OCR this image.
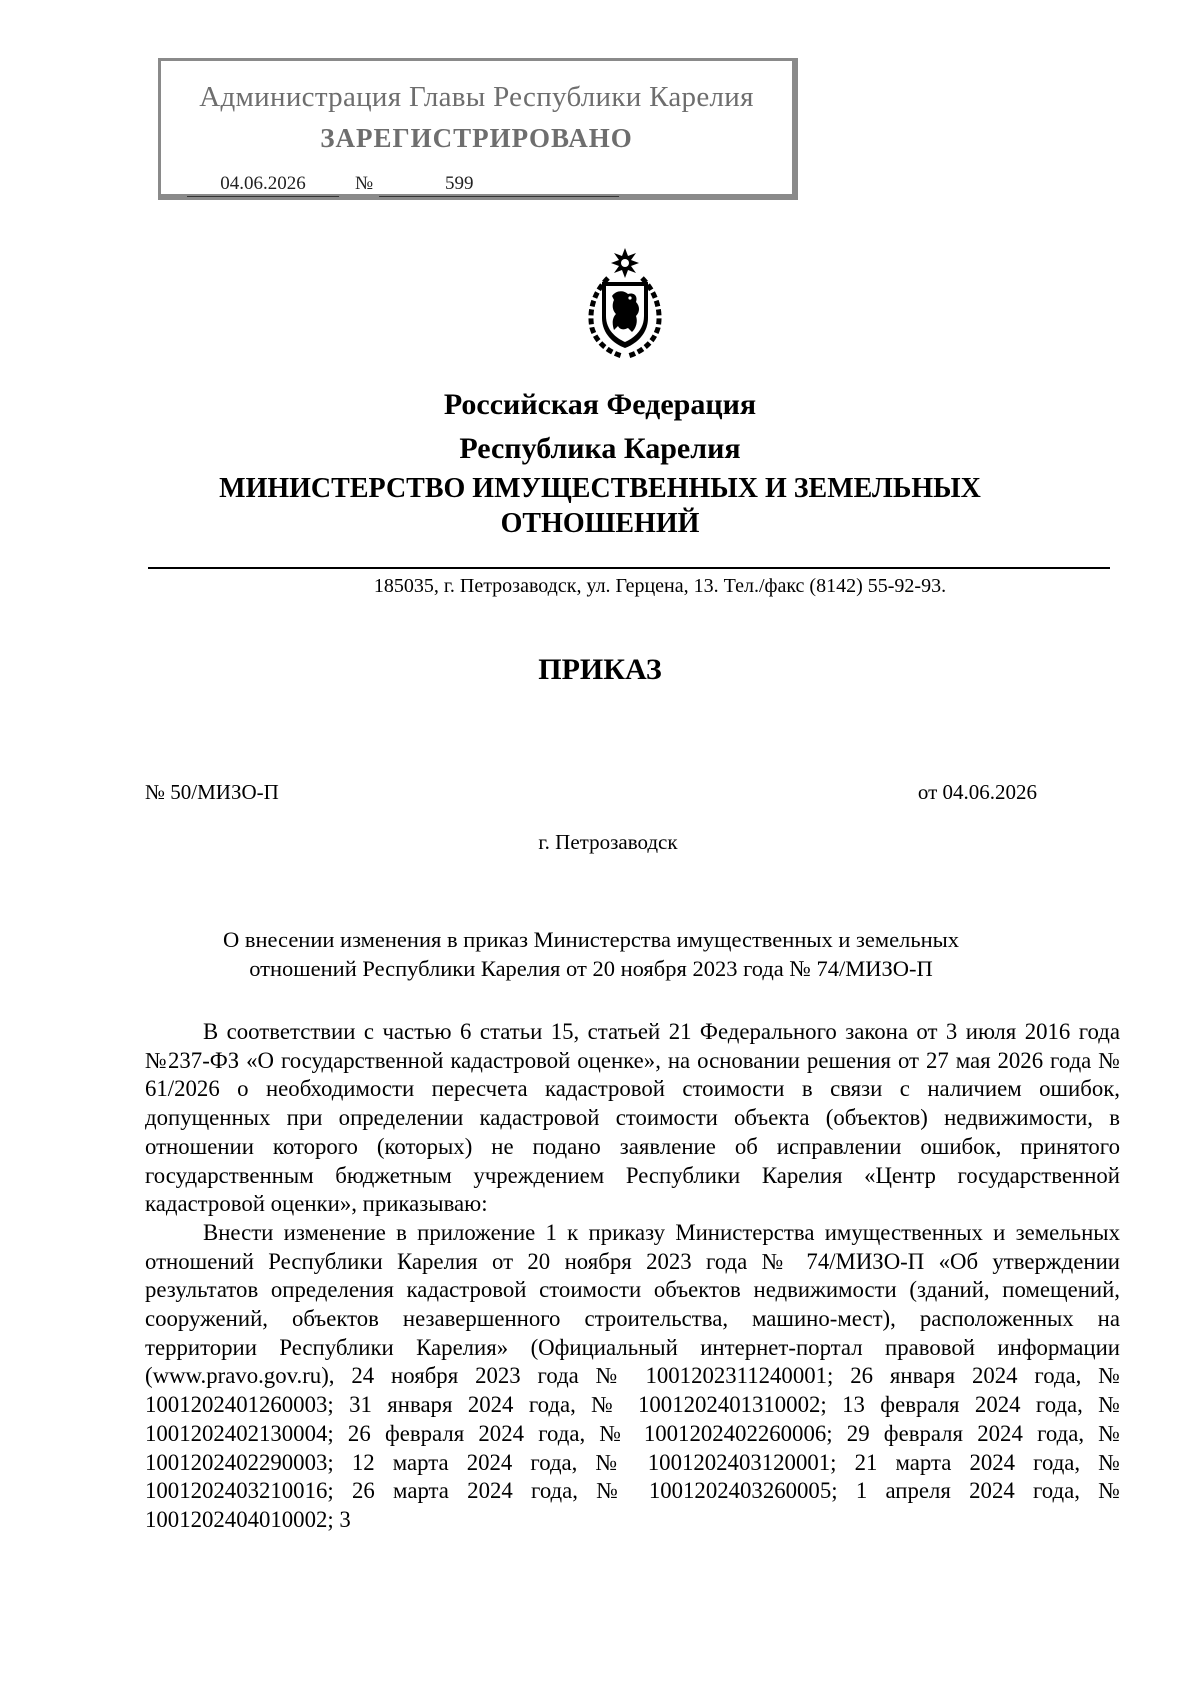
Администрация Главы Республики Карелия
ЗАРЕГИСТРИРОВАНО
04.06.2026	№	599
Российская Федерация
Республика Карелия
МИНИСТЕРСТВО ИМУЩЕСТВЕННЫХ И ЗЕМЕЛЬНЫХ
ОТНОШЕНИЙ
185035, г. Петрозаводск, ул. Герцена, 13. Тел./факс (8142) 55-92-93.
ПРИКАЗ
№ 50/МИЗО-П	от 04.06.2026
г. Петрозаводск
О внесении изменения в приказ Министерства имущественных и земельных
отношений Республики Карелия от 20 ноября 2023 года № 74/МИЗО-П

В соответствии с частью 6 статьи 15, статьей 21 Федерального закона от 3 июля 2016 года №237-ФЗ «О государственной кадастровой оценке», на основании решения от 27 мая 2026 года № 61/2026 о необходимости пересчета кадастровой стоимости в связи с наличием ошибок, допущенных при определении кадастровой стоимости объекта (объектов) недвижимости, в отношении которого (которых) не подано заявление об исправлении ошибок, принятого государственным бюджетным учреждением Республики Карелия «Центр государственной кадастровой оценки», приказываю:

Внести изменение в приложение 1 к приказу Министерства имущественных и земельных отношений Республики Карелия от 20 ноября 2023 года № 74/МИЗО-П «Об утверждении результатов определения кадастровой стоимости объектов недвижимости (зданий, помещений, сооружений, объектов незавершенного строительства, машино-мест), расположенных на территории Республики Карелия» (Официальный интернет-портал правовой информации (www.pravo.gov.ru), 24 ноября 2023 года № 1001202311240001; 26 января 2024 года, № 1001202401260003; 31 января 2024 года, № 1001202401310002; 13 февраля 2024 года, № 1001202402130004; 26 февраля 2024 года, № 1001202402260006; 29 февраля 2024 года, № 1001202402290003; 12 марта 2024 года, № 1001202403120001; 21 марта 2024 года, № 1001202403210016; 26 марта 2024 года, № 1001202403260005; 1 апреля 2024 года, № 1001202404010002; 3
